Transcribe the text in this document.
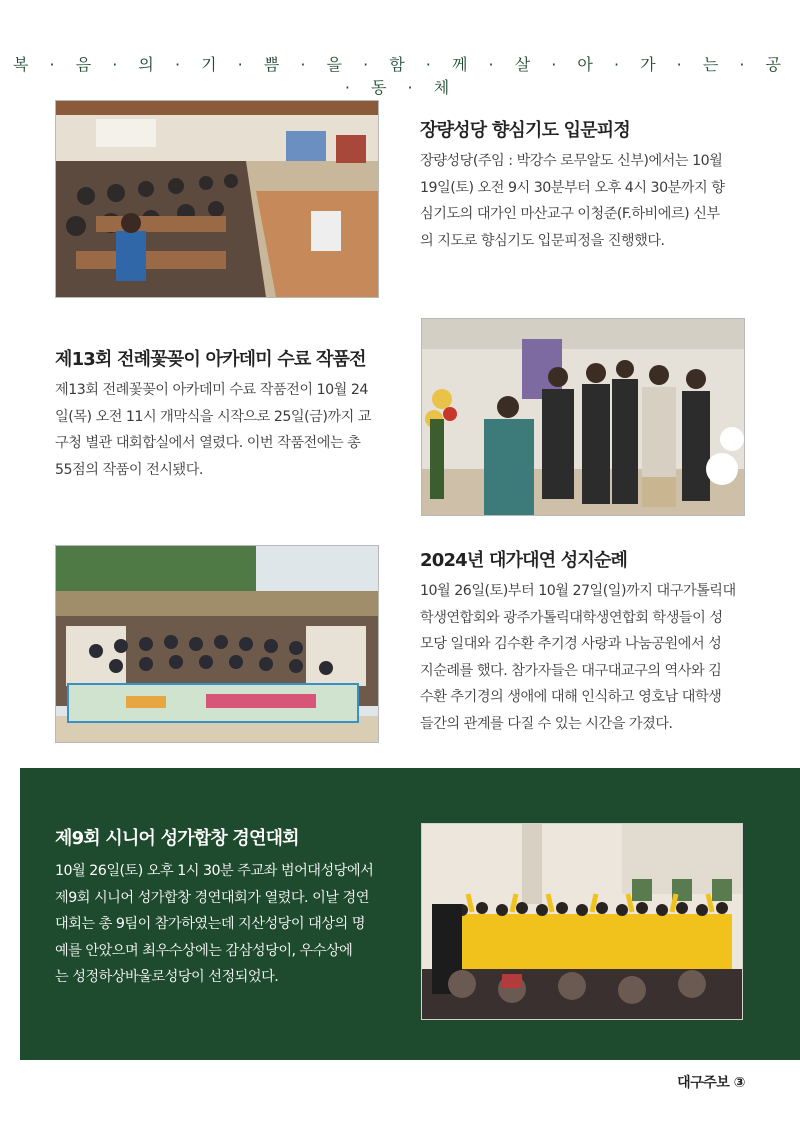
복 · 음 · 의 · 기 · 쁨 · 을 · 함 · 께 · 살 · 아 · 가 · 는 · 공 · 동 · 체
장량성당 향심기도 입문피정

장량성당(주임 : 박강수 로무알도 신부)에서는 10월
19일(토) 오전 9시 30분부터 오후 4시 30분까지 향
심기도의 대가인 마산교구 이청준(F.하비에르) 신부
의 지도로 향심기도 입문피정을 진행했다.

제13회 전례꽃꽂이 아카데미 수료 작품전

제13회 전례꽃꽂이 아카데미 수료 작품전이 10월 24
일(목) 오전 11시 개막식을 시작으로 25일(금)까지 교
구청 별관 대회합실에서 열렸다. 이번 작품전에는 총
55점의 작품이 전시됐다.

2024년 대가대연 성지순례

10월 26일(토)부터 10월 27일(일)까지 대구가톨릭대
학생연합회와 광주가톨릭대학생연합회 학생들이 성
모당 일대와 김수환 추기경 사랑과 나눔공원에서 성
지순례를 했다. 참가자들은 대구대교구의 역사와 김
수환 추기경의 생애에 대해 인식하고 영호남 대학생
들간의 관계를 다질 수 있는 시간을 가졌다.

제9회 시니어 성가합창 경연대회

10월 26일(토) 오후 1시 30분 주교좌 범어대성당에서
제9회 시니어 성가합창 경연대회가 열렸다. 이날 경연
대회는 총 9팀이 참가하였는데 지산성당이 대상의 명
예를 안았으며 최우수상에는 감삼성당이, 우수상에
는 성정하상바울로성당이 선정되었다.

대구주보 ③
